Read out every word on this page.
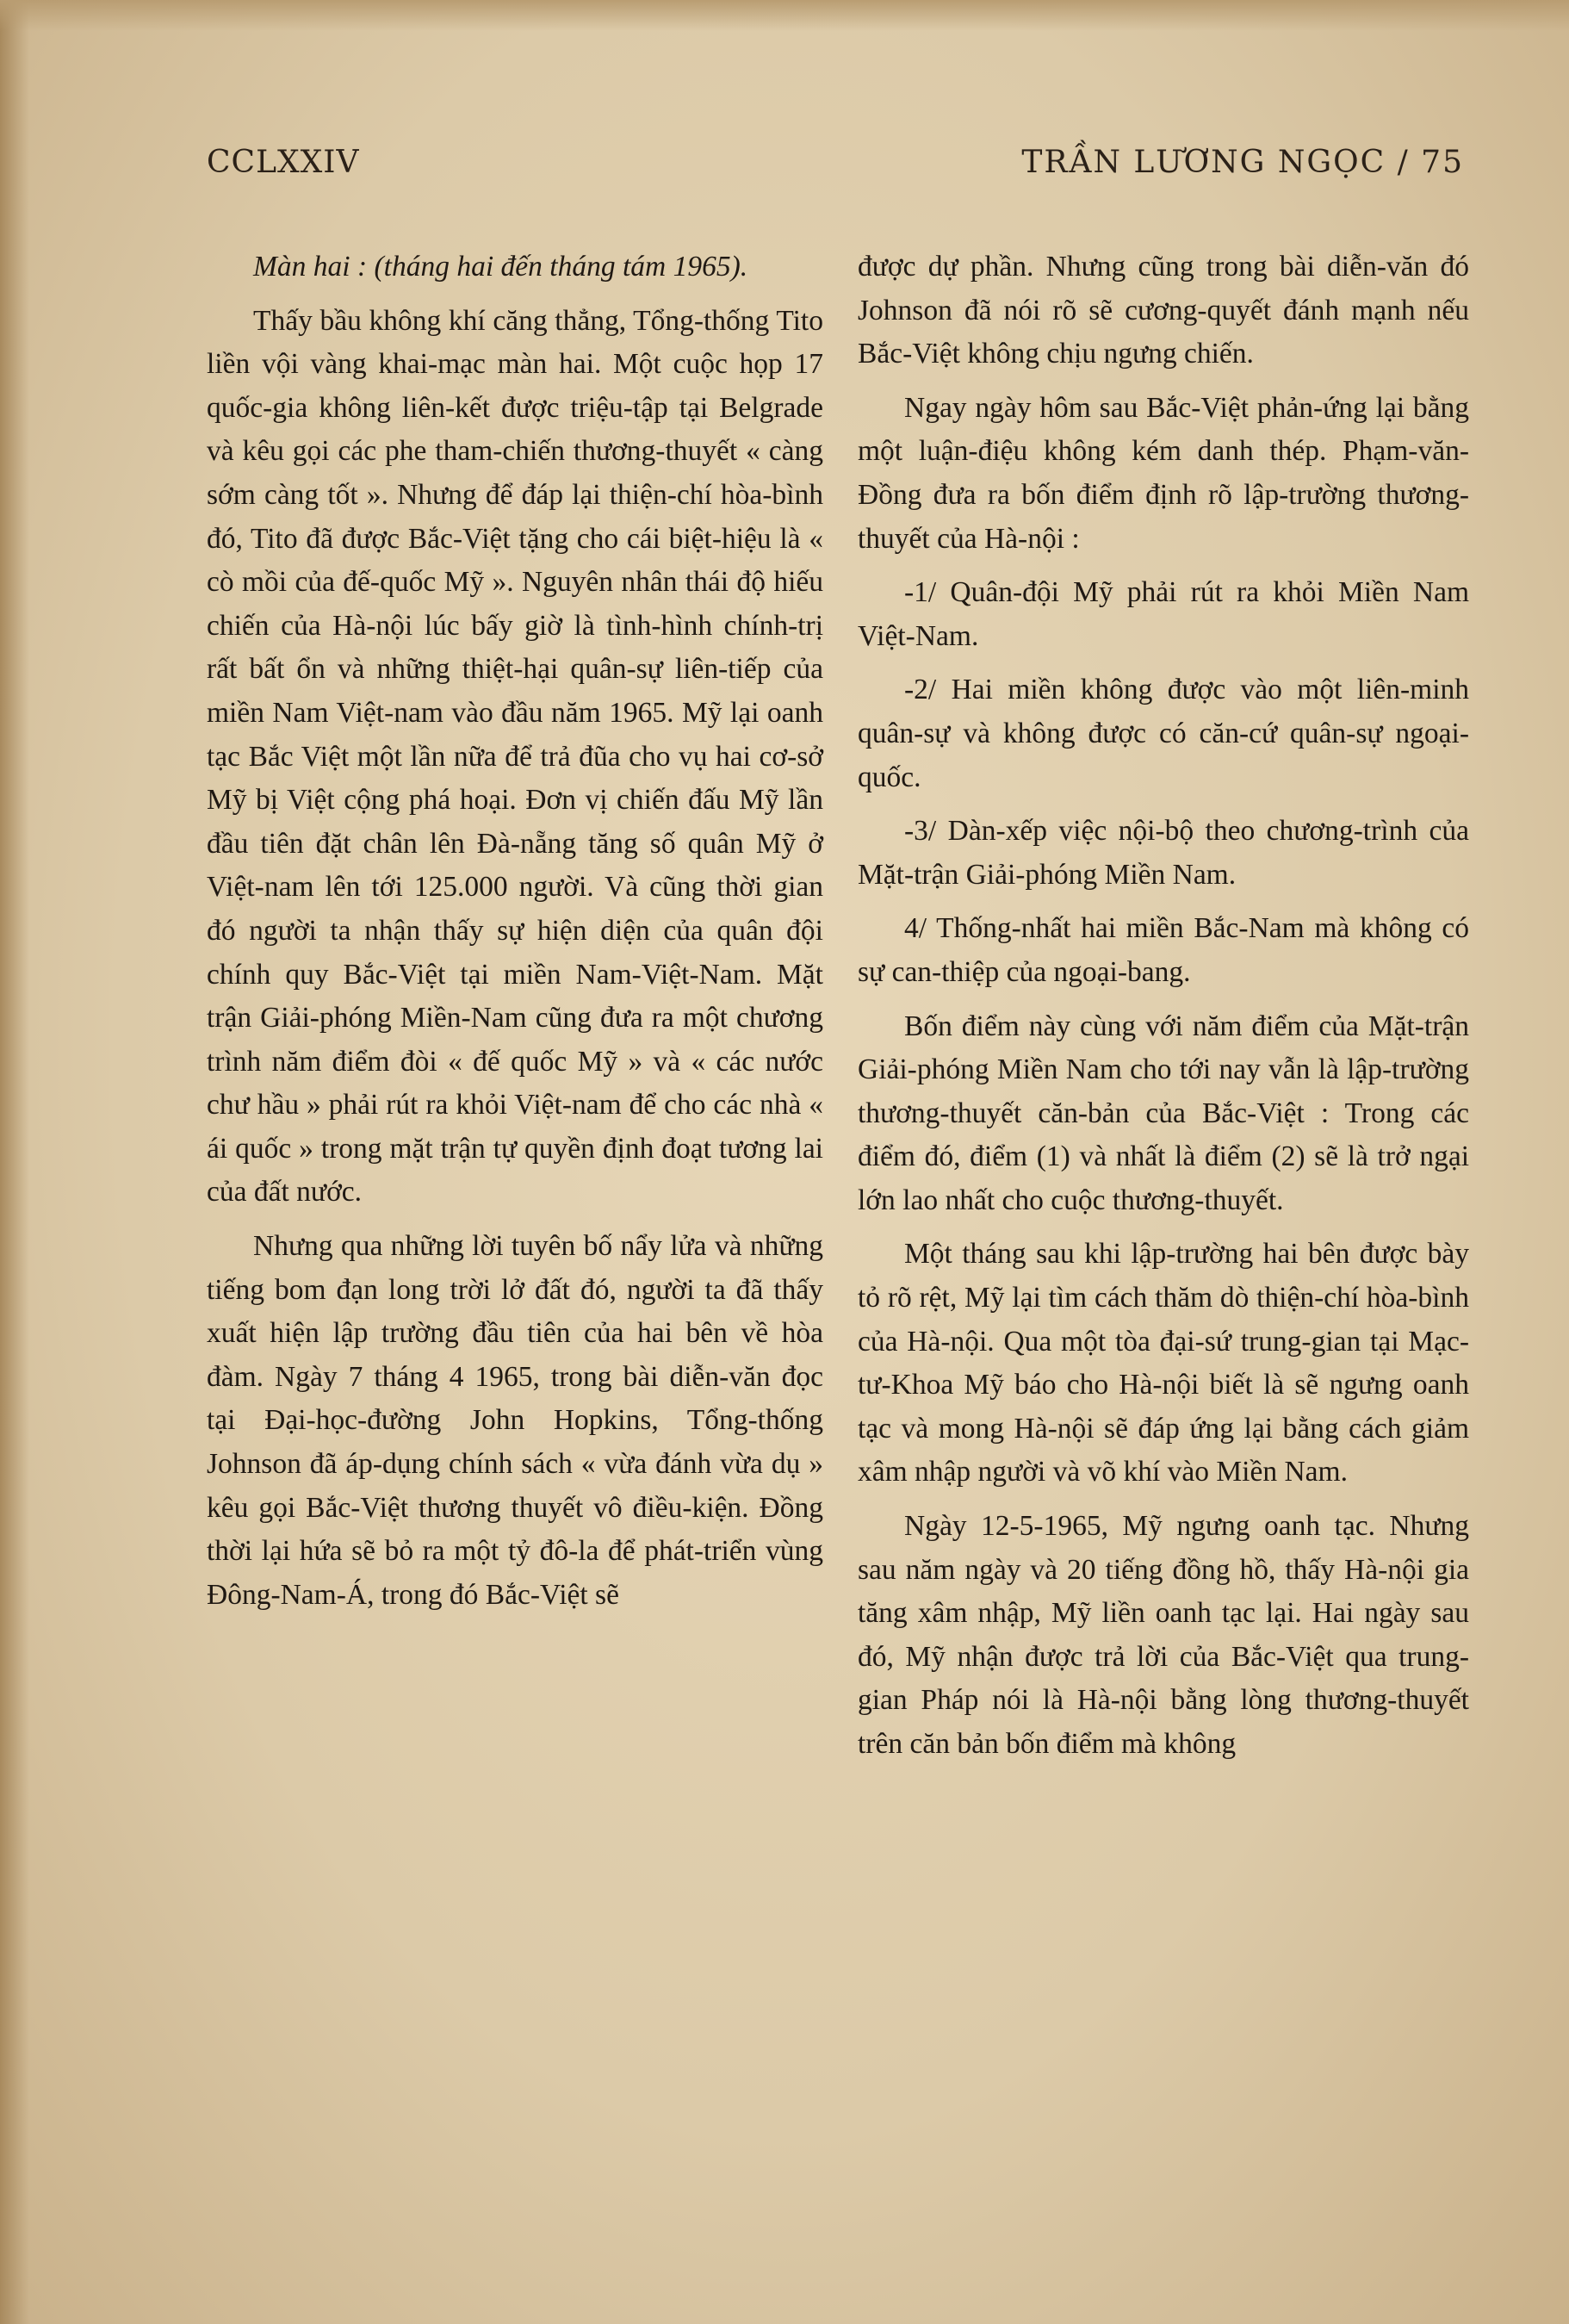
CCLXXIV	TRẦN LƯƠNG NGỌC / 75

Màn hai : (tháng hai đến tháng tám 1965).

Thấy bầu không khí căng thẳng, Tổng-thống Tito liền vội vàng khai-mạc màn hai. Một cuộc họp 17 quốc-gia không liên-kết được triệu-tập tại Belgrade và kêu gọi các phe tham-chiến thương-thuyết « càng sớm càng tốt ». Nhưng để đáp lại thiện-chí hòa-bình đó, Tito đã được Bắc-Việt tặng cho cái biệt-hiệu là « cò mồi của đế-quốc Mỹ ». Nguyên nhân thái độ hiếu chiến của Hà-nội lúc bấy giờ là tình-hình chính-trị rất bất ổn và những thiệt-hại quân-sự liên-tiếp của miền Nam Việt-nam vào đầu năm 1965. Mỹ lại oanh tạc Bắc Việt một lần nữa để trả đũa cho vụ hai cơ-sở Mỹ bị Việt cộng phá hoại. Đơn vị chiến đấu Mỹ lần đầu tiên đặt chân lên Đà-nẵng tăng số quân Mỹ ở Việt-nam lên tới 125.000 người. Và cũng thời gian đó người ta nhận thấy sự hiện diện của quân đội chính quy Bắc-Việt tại miền Nam-Việt-Nam. Mặt trận Giải-phóng Miền-Nam cũng đưa ra một chương trình năm điểm đòi « đế quốc Mỹ » và « các nước chư hầu » phải rút ra khỏi Việt-nam để cho các nhà « ái quốc » trong mặt trận tự quyền định đoạt tương lai của đất nước.

Nhưng qua những lời tuyên bố nẩy lửa và những tiếng bom đạn long trời lở đất đó, người ta đã thấy xuất hiện lập trường đầu tiên của hai bên về hòa đàm. Ngày 7 tháng 4 1965, trong bài diễn-văn đọc tại Đại-học-đường John Hopkins, Tổng-thống Johnson đã áp-dụng chính sách « vừa đánh vừa dụ » kêu gọi Bắc-Việt thương thuyết vô điều-kiện. Đồng thời lại hứa sẽ bỏ ra một tỷ đô-la để phát-triển vùng Đông-Nam-Á, trong đó Bắc-Việt sẽ

được dự phần. Nhưng cũng trong bài diễn-văn đó Johnson đã nói rõ sẽ cương-quyết đánh mạnh nếu Bắc-Việt không chịu ngưng chiến.

Ngay ngày hôm sau Bắc-Việt phản-ứng lại bằng một luận-điệu không kém danh thép. Phạm-văn-Đồng đưa ra bốn điểm định rõ lập-trường thương-thuyết của Hà-nội :

-1/ Quân-đội Mỹ phải rút ra khỏi Miền Nam Việt-Nam.

-2/ Hai miền không được vào một liên-minh quân-sự và không được có căn-cứ quân-sự ngoại-quốc.

-3/ Dàn-xếp việc nội-bộ theo chương-trình của Mặt-trận Giải-phóng Miền Nam.

4/ Thống-nhất hai miền Bắc-Nam mà không có sự can-thiệp của ngoại-bang.

Bốn điểm này cùng với năm điểm của Mặt-trận Giải-phóng Miền Nam cho tới nay vẫn là lập-trường thương-thuyết căn-bản của Bắc-Việt : Trong các điểm đó, điểm (1) và nhất là điểm (2) sẽ là trở ngại lớn lao nhất cho cuộc thương-thuyết.

Một tháng sau khi lập-trường hai bên được bày tỏ rõ rệt, Mỹ lại tìm cách thăm dò thiện-chí hòa-bình của Hà-nội. Qua một tòa đại-sứ trung-gian tại Mạc-tư-Khoa Mỹ báo cho Hà-nội biết là sẽ ngưng oanh tạc và mong Hà-nội sẽ đáp ứng lại bằng cách giảm xâm nhập người và võ khí vào Miền Nam.

Ngày 12-5-1965, Mỹ ngưng oanh tạc. Nhưng sau năm ngày và 20 tiếng đồng hồ, thấy Hà-nội gia tăng xâm nhập, Mỹ liền oanh tạc lại. Hai ngày sau đó, Mỹ nhận được trả lời của Bắc-Việt qua trung-gian Pháp nói là Hà-nội bằng lòng thương-thuyết trên căn bản bốn điểm mà không
